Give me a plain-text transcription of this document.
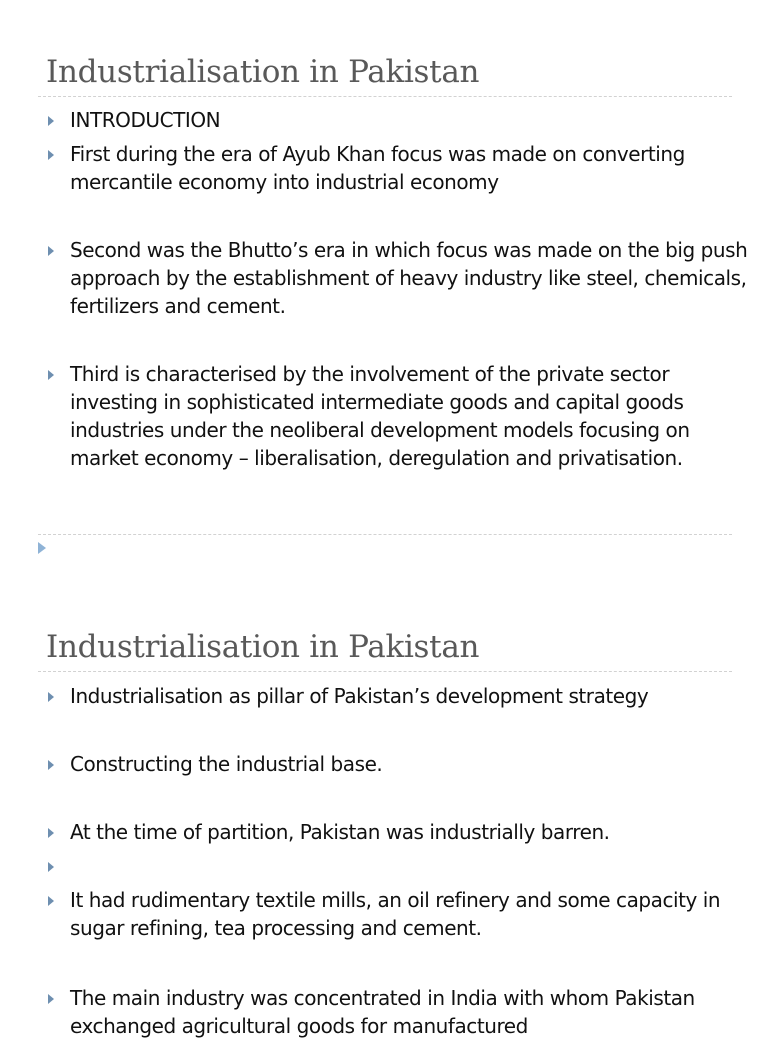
Industrialisation in Pakistan
INTRODUCTION
First during the era of Ayub Khan focus was made on converting mercantile economy into industrial economy
Second was the Bhutto’s era in which focus was made on the big push approach by the establishment of heavy industry like steel, chemicals, fertilizers and cement.
Third is characterised by the involvement of the private sector investing in sophisticated intermediate goods and capital goods industries under the neoliberal development models focusing on market economy – liberalisation, deregulation and privatisation.
Industrialisation in Pakistan
Industrialisation as pillar of Pakistan’s development strategy
Constructing the industrial base.
At the time of partition, Pakistan was industrially barren.
It had rudimentary textile mills, an oil refinery and some capacity in sugar refining, tea processing and cement.
The main industry was concentrated in India with whom Pakistan exchanged agricultural goods for manufactured
